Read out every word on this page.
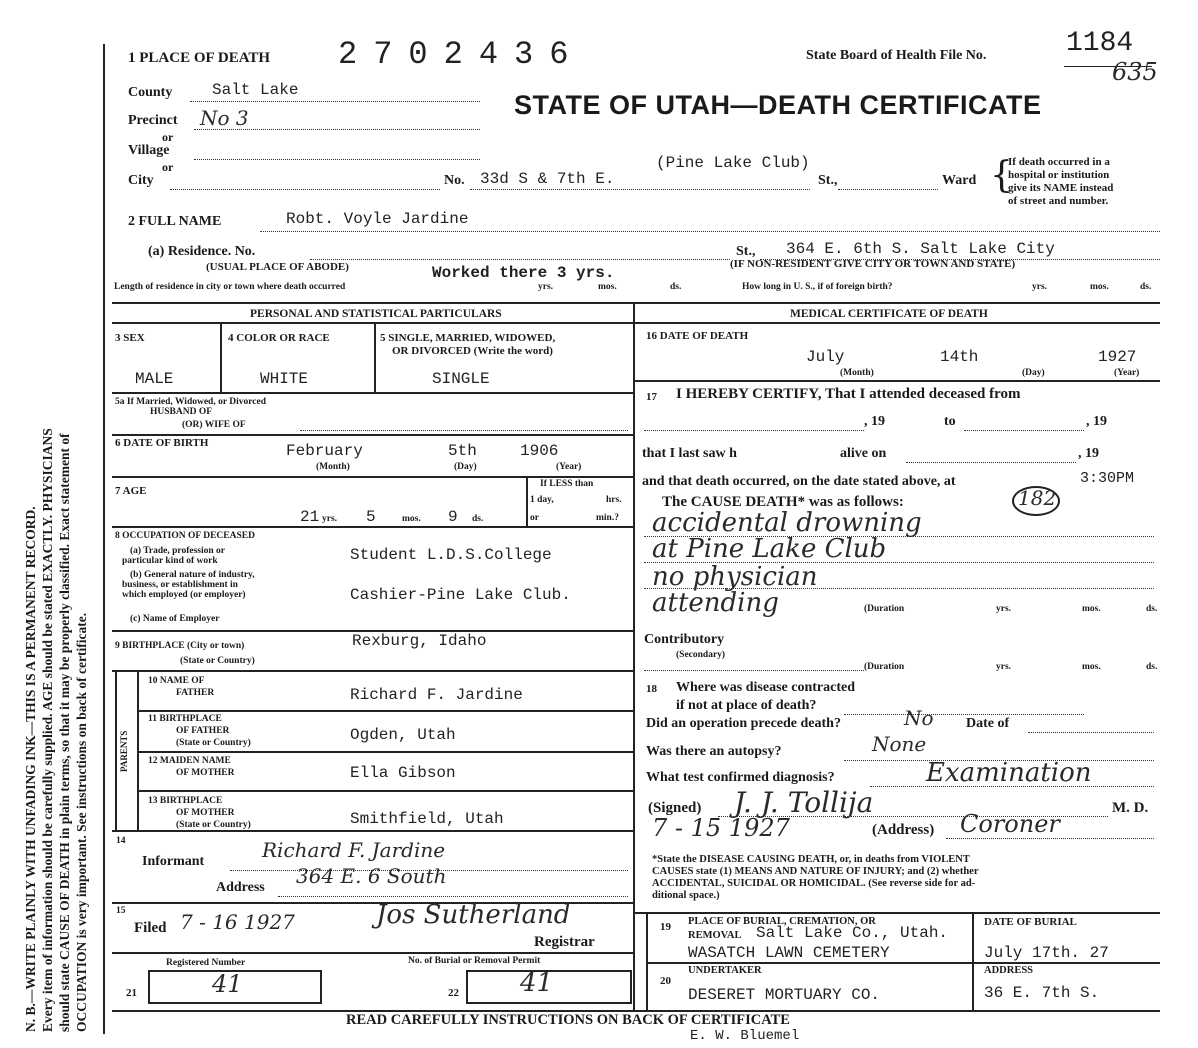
N. B.—WRITE PLAINLY WITH UNFADING INK—THIS IS A PERMANENT RECORD. Every item of information should be carefully supplied. AGE should be stated EXACTLY. PHYSICIANS should state CAUSE OF DEATH in plain terms, so that it may be properly classified. Exact statement of OCCUPATION is very important. See instructions on back of certificate.
1 PLACE OF DEATH 2702436	State Board of Health File No.	1184
635
STATE OF UTAH—DEATH CERTIFICATE
County Salt Lake
Precinct No 3
or
Village
or
City	No. 33d S & 7th E.
(Pine Lake Club)
St.,	Ward {
If death occurred in a
hospital or institution
give its NAME instead
of street and number.
2 FULL NAME	Robt. Voyle Jardine
(a) Residence. No.
(USUAL PLACE OF ABODE)
St., 364 E. 6th S. Salt Lake City
(IF NON-RESIDENT GIVE CITY OR TOWN AND STATE)
Length of residence in city or town where death occurred
Worked there 3 yrs.
yrs.	mos.	ds.	How long in U. S., if of foreign birth?	yrs.	mos.	ds.
PERSONAL AND STATISTICAL PARTICULARS	MEDICAL CERTIFICATE OF DEATH
3 SEX
MALE
4 COLOR OR RACE
WHITE
5 SINGLE, MARRIED, WIDOWED,
OR DIVORCED (Write the word)
SINGLE
5a If Married, Widowed, or Divorced
HUSBAND OF
(OR) WIFE OF
6 DATE OF BIRTH	February	5th	1906
(Month)	(Day)	(Year)
7 AGE
21 yrs. 5	mos. 9 ds.
If LESS than
1 day,	hrs.
or	min.?
8 OCCUPATION OF DECEASED
(a) Trade, profession or
particular kind of work	Student L.D.S.College
(b) General nature of industry,
business, or establishment in
which employed (or employer)	Cashier-Pine Lake Club.
(c) Name of Employer
9 BIRTHPLACE (City or town)
(State or Country)
Rexburg, Idaho
PARENTS
10 NAME OF
FATHER	Richard F. Jardine
11 BIRTHPLACE
OF FATHER
(State or Country)	Ogden, Utah
12 MAIDEN NAME
OF MOTHER	Ella Gibson
13 BIRTHPLACE
OF MOTHER
(State or Country)	Smithfield, Utah
14
Informant	Richard F. Jardine
Address 364 E. 6 South
15
Filed 7 - 16 1927	Jos Sutherland
Registrar
Registered Number	No. of Burial or Removal Permit
21	41	22 41
16 DATE OF DEATH
July	14th	1927
(Month)	(Day)	(Year)
17 I HEREBY CERTIFY, That I attended deceased from
, 19	to	, 19
that I last saw h	alive on	, 19
and that death occurred, on the date stated above, at	3:30PM
The CAUSE DEATH* was as follows:	182
accidental drowning
at Pine Lake Club
no physician
attending	(Duration	yrs.	mos.	ds.
Contributory
(Secondary)
(Duration	yrs.	mos.	ds.
18 Where was disease contracted
if not at place of death?
Did an operation precede death?	No Date of
Was there an autopsy?	None
What test confirmed diagnosis?	Examination
(Signed) J. J. Tollija	M. D.
7 - 15 1927	(Address) Coroner
*State the DISEASE CAUSING DEATH, or, in deaths from VIOLENT
CAUSES state (1) MEANS AND NATURE OF INJURY; and (2) whether
ACCIDENTAL, SUICIDAL OR HOMICIDAL. (See reverse side for ad-
ditional space.)
19 PLACE OF BURIAL, CREMATION, OR
REMOVAL Salt Lake Co., Utah.
WASATCH LAWN CEMETERY
DATE OF BURIAL
July 17th. 27
20
UNDERTAKER
DESERET MORTUARY CO.
ADDRESS
36 E. 7th S.
READ CAREFULLY INSTRUCTIONS ON BACK OF CERTIFICATE
E. W. Bluemel
